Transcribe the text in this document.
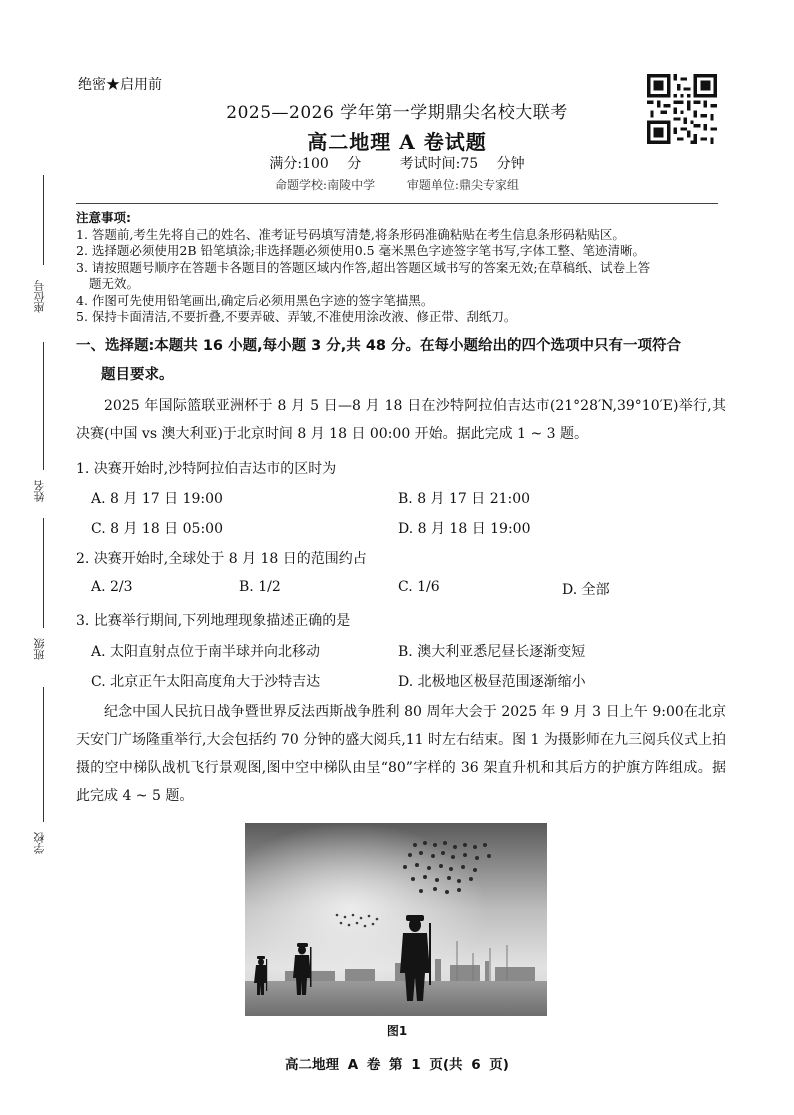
绝密★启用前
2025—2026 学年第一学期鼎尖名校大联考
高二地理 A 卷试题
满分:100 分	考试时间:75 分钟
命题学校:南陵中学	审题单位:鼎尖专家组
座位号
姓名
班级
学校
注意事项:
1. 答题前,考生先将自己的姓名、准考证号码填写清楚,将条形码准确粘贴在考生信息条形码粘贴区。
2. 选择题必须使用2B 铅笔填涂;非选择题必须使用0.5 毫米黑色字迹签字笔书写,字体工整、笔迹清晰。
3. 请按照题号顺序在答题卡各题目的答题区域内作答,超出答题区域书写的答案无效;在草稿纸、试卷上答
题无效。
4. 作图可先使用铅笔画出,确定后必须用黑色字迹的签字笔描黑。
5. 保持卡面清洁,不要折叠,不要弄破、弄皱,不准使用涂改液、修正带、刮纸刀。
一、选择题:本题共 16 小题,每小题 3 分,共 48 分。在每小题给出的四个选项中只有一项符合
题目要求。
2025 年国际篮联亚洲杯于 8 月 5 日—8 月 18 日在沙特阿拉伯吉达市(21°28′N,39°10′E)举行,其决赛(中国 vs 澳大利亚)于北京时间 8 月 18 日 00:00 开始。据此完成 1 ~ 3 题。
1. 决赛开始时,沙特阿拉伯吉达市的区时为
A. 8 月 17 日 19:00	B. 8 月 17 日 21:00
C. 8 月 18 日 05:00	D. 8 月 18 日 19:00
2. 决赛开始时,全球处于 8 月 18 日的范围约占
A. 2/3	B. 1/2	C. 1/6	D. 全部
3. 比赛举行期间,下列地理现象描述正确的是
A. 太阳直射点位于南半球并向北移动	B. 澳大利亚悉尼昼长逐渐变短
C. 北京正午太阳高度角大于沙特吉达	D. 北极地区极昼范围逐渐缩小
纪念中国人民抗日战争暨世界反法西斯战争胜利 80 周年大会于 2025 年 9 月 3 日上午 9:00在北京天安门广场隆重举行,大会包括约 70 分钟的盛大阅兵,11 时左右结束。图 1 为摄影师在九三阅兵仪式上拍摄的空中梯队战机飞行景观图,图中空中梯队由呈“80”字样的 36 架直升机和其后方的护旗方阵组成。据此完成 4 ~ 5 题。
图1
高二地理 A 卷 第 1 页(共 6 页)
